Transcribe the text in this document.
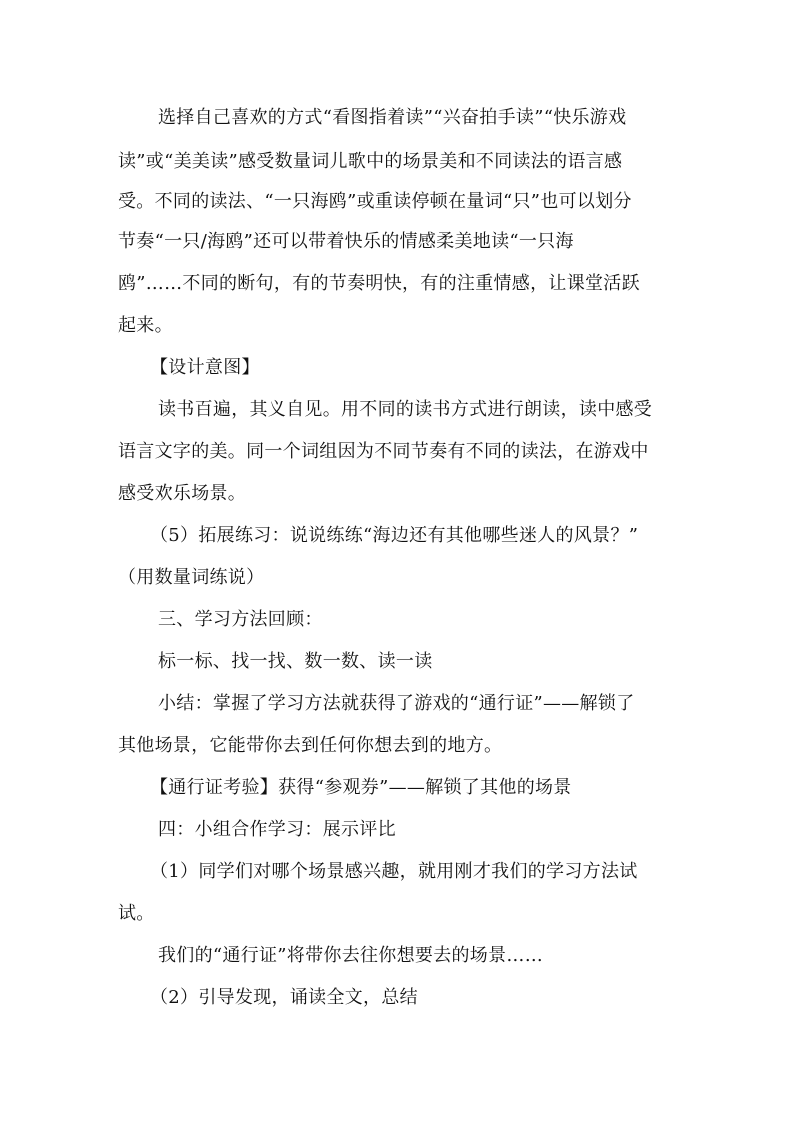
选择自己喜欢的方式“看图指着读”“兴奋拍手读”“快乐游戏
读”或“美美读”感受数量词儿歌中的场景美和不同读法的语言感
受。不同的读法、“一只海鸥”或重读停顿在量词“只”也可以划分
节奏“一只/海鸥”还可以带着快乐的情感柔美地读“一只海
鸥”……不同的断句，有的节奏明快，有的注重情感，让课堂活跃
起来。
【设计意图】
读书百遍，其义自见。用不同的读书方式进行朗读，读中感受
语言文字的美。同一个词组因为不同节奏有不同的读法，在游戏中
感受欢乐场景。
（5）拓展练习：说说练练“海边还有其他哪些迷人的风景？”
（用数量词练说）
三、学习方法回顾：
标一标、找一找、数一数、读一读
小结：掌握了学习方法就获得了游戏的“通行证”——解锁了
其他场景，它能带你去到任何你想去到的地方。
【通行证考验】获得“参观券”——解锁了其他的场景
四：小组合作学习：展示评比
（1）同学们对哪个场景感兴趣，就用刚才我们的学习方法试
试。
我们的“通行证”将带你去往你想要去的场景……
（2）引导发现，诵读全文，总结
